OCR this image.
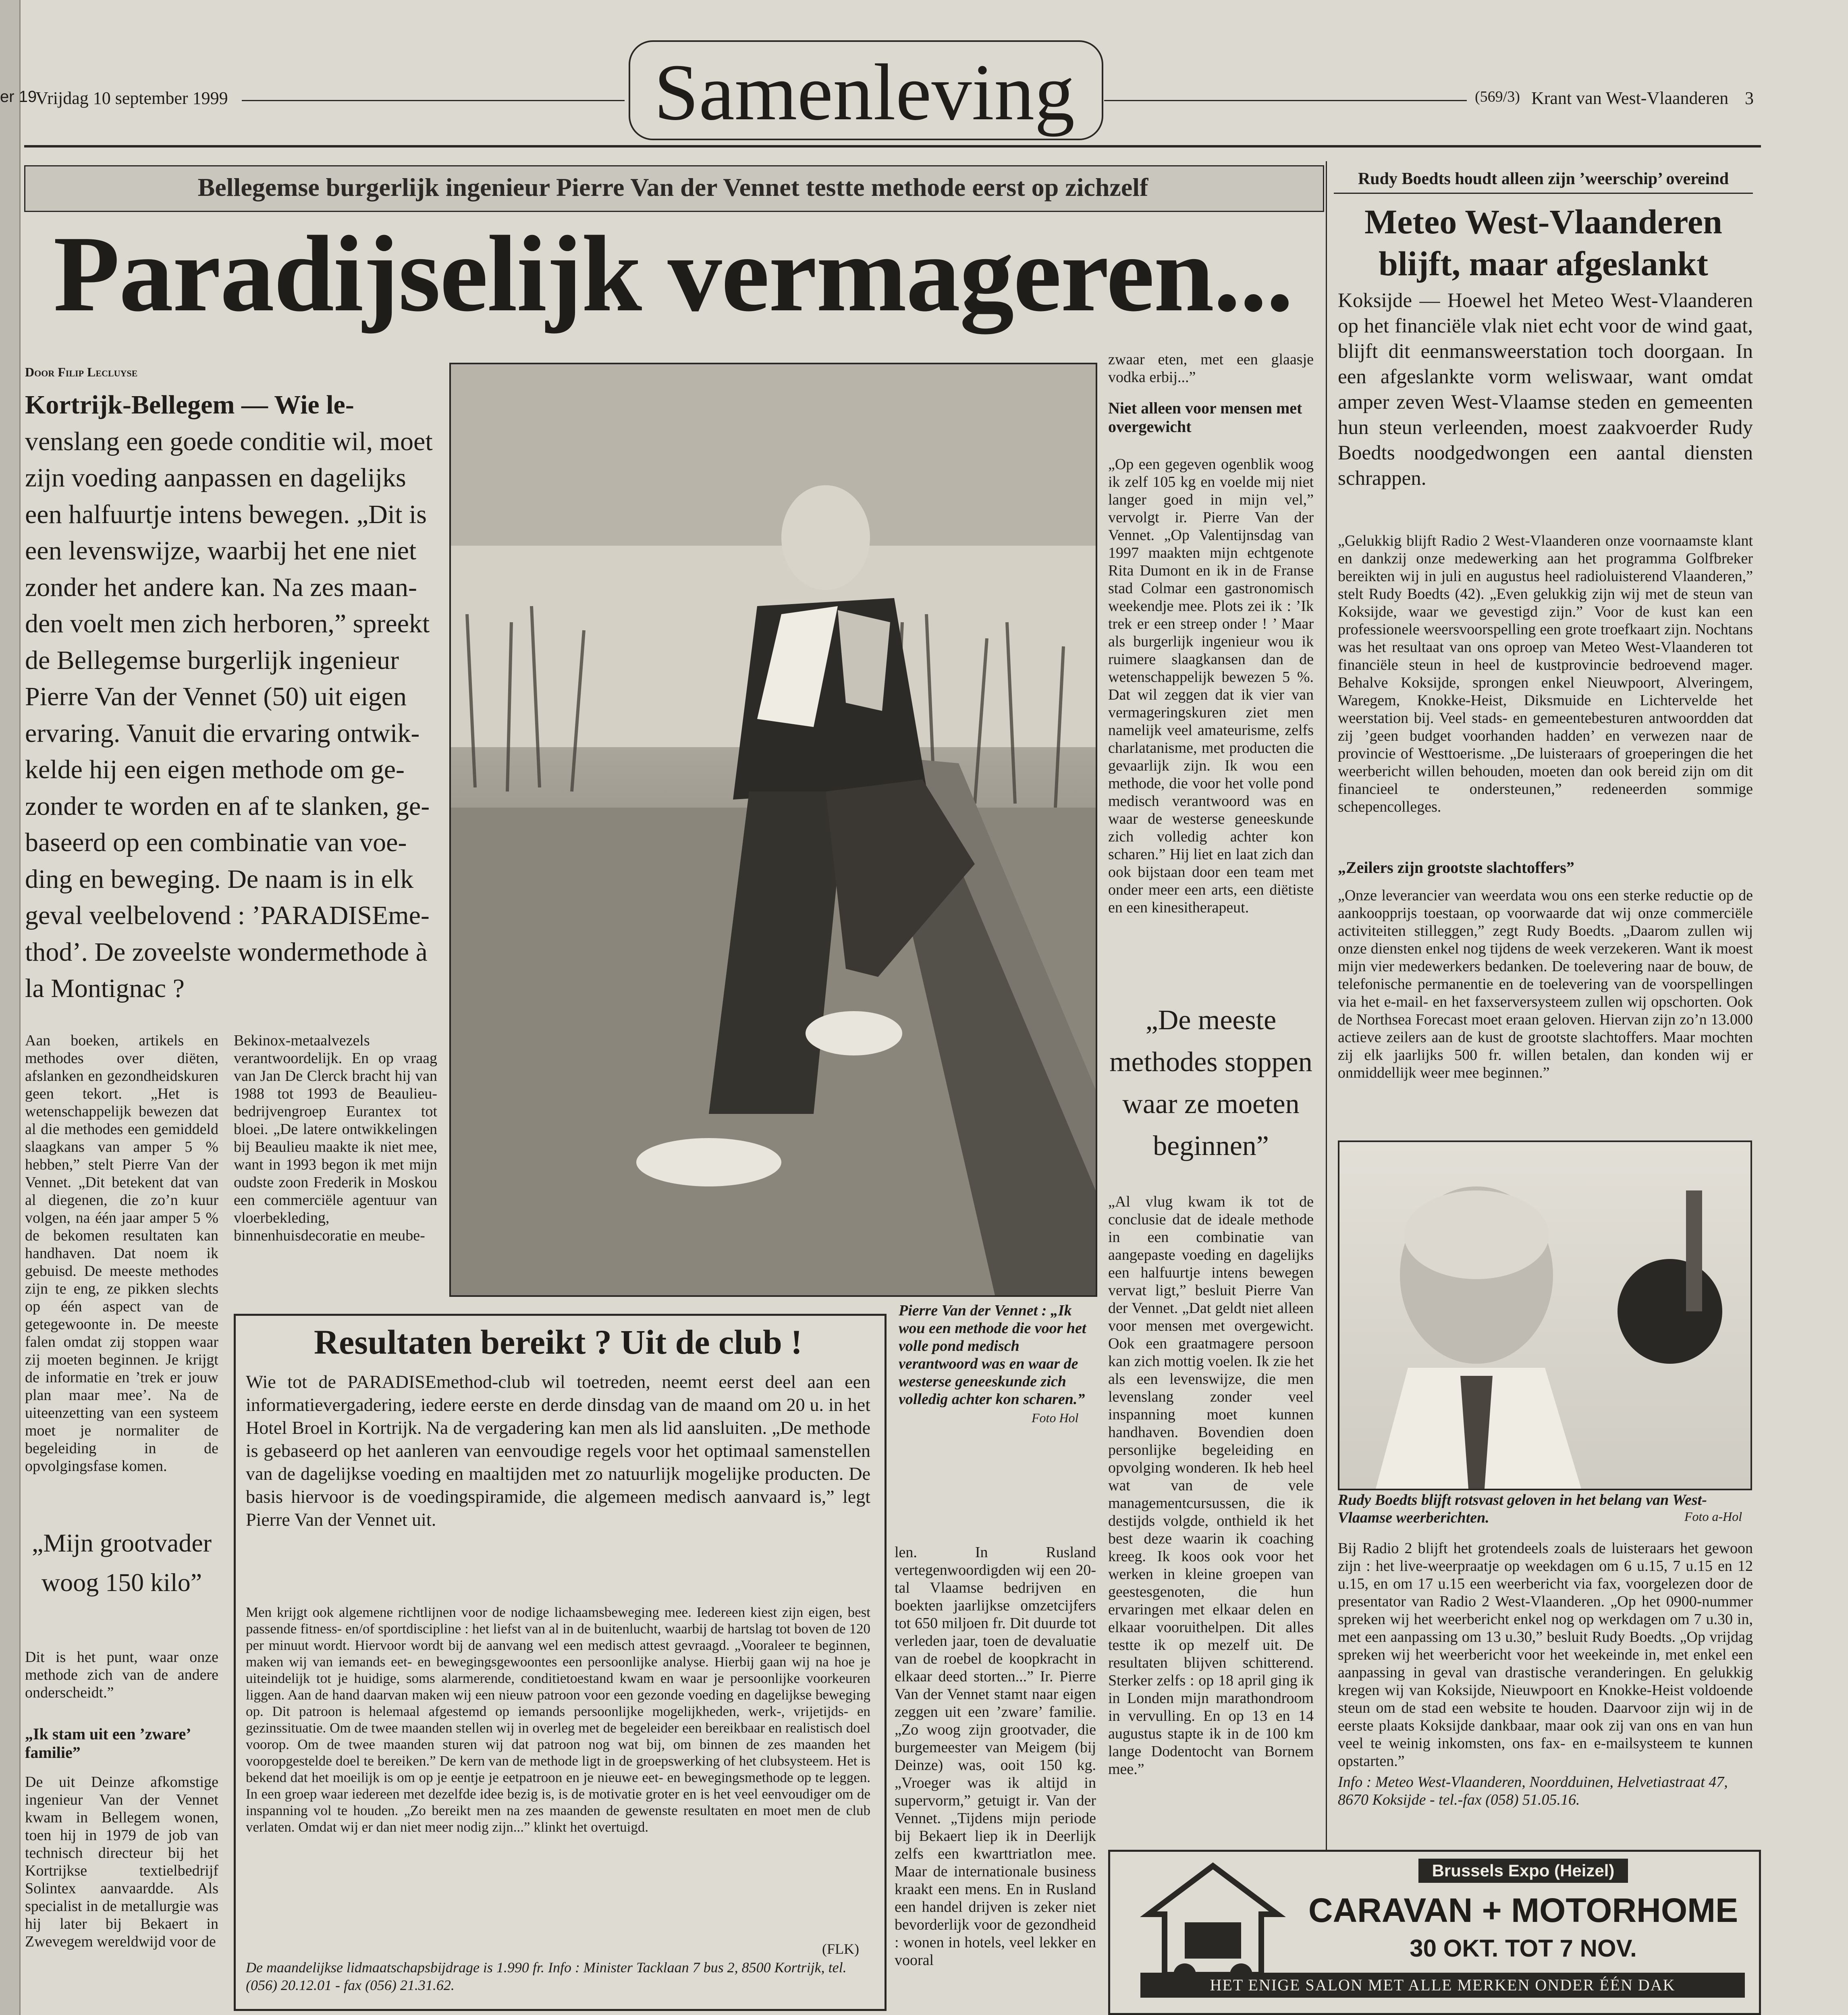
er 19
Vrijdag 10 september 1999	Samenleving	(569/3) Krant van West-Vlaanderen 3
Bellegemse burgerlijk ingenieur Pierre Van der Vennet testte methode eerst op zichzelf
Paradijselijk vermageren...
Door Filip Lecluyse
Kortrijk-Bellegem — Wie le-
venslang een goede conditie wil, moet
zijn voeding aanpassen en dagelijks
een halfuurtje intens bewegen. „Dit is
een levenswijze, waarbij het ene niet
zonder het andere kan. Na zes maan-
den voelt men zich herboren,” spreekt
de Bellegemse burgerlijk ingenieur
Pierre Van der Vennet (50) uit eigen
ervaring. Vanuit die ervaring ontwik-
kelde hij een eigen methode om ge-
zonder te worden en af te slanken, ge-
baseerd op een combinatie van voe-
ding en beweging. De naam is in elk
geval veelbelovend : ’PARADISEme-
thod’. De zoveelste wondermethode à
la Montignac ?
Aan boeken, artikels en methodes over diëten, afslanken en gezondheidskuren geen tekort. „Het is wetenschappelijk bewezen dat al die methodes een gemiddeld slaagkans van amper 5 % hebben,” stelt Pierre Van der Vennet. „Dit betekent dat van al diegenen, die zo’n kuur volgen, na één jaar amper 5 % de bekomen resultaten kan handhaven. Dat noem ik gebuisd. De meeste methodes zijn te eng, ze pikken slechts op één aspect van de getegewoonte in. De meeste falen omdat zij stoppen waar zij moeten beginnen. Je krijgt de informatie en ’trek er jouw plan maar mee’. Na de uiteenzetting van een systeem moet je normaliter de begeleiding in de opvolgingsfase komen.
„Mijn grootvader woog 150 kilo”
Dit is het punt, waar onze methode zich van de andere onderscheidt.”
„Ik stam uit een ’zware’ familie”
De uit Deinze afkomstige ingenieur Van der Vennet kwam in Bellegem wonen, toen hij in 1979 de job van technisch directeur bij het Kortrijkse textielbedrijf Solintex aanvaardde. Als specialist in de metallurgie was hij later bij Bekaert in Zwevegem wereldwijd voor de
Bekinox-metaalvezels verantwoordelijk. En op vraag van Jan De Clerck bracht hij van 1988 tot 1993 de Beaulieu-bedrijvengroep Eurantex tot bloei. „De latere ontwikkelingen bij Beaulieu maakte ik niet mee, want in 1993 begon ik met mijn oudste zoon Frederik in Moskou een commerciële agentuur van vloerbekleding, binnenhuisdecoratie en meube-
Pierre Van der Vennet : „Ik wou een methode die voor het volle pond medisch verantwoord was en waar de westerse geneeskunde zich volledig achter kon scharen.”
Foto Hol
zwaar eten, met een glaasje vodka erbij...”
Niet alleen voor mensen met overgewicht
„Op een gegeven ogenblik woog ik zelf 105 kg en voelde mij niet langer goed in mijn vel,” vervolgt ir. Pierre Van der Vennet. „Op Valentijnsdag van 1997 maakten mijn echtgenote Rita Dumont en ik in de Franse stad Colmar een gastronomisch weekendje mee. Plots zei ik : ’Ik trek er een streep onder ! ’ Maar als burgerlijk ingenieur wou ik ruimere slaagkansen dan de wetenschappelijk bewezen 5 %. Dat wil zeggen dat ik vier van vermageringskuren ziet men namelijk veel amateurisme, zelfs charlatanisme, met producten die gevaarlijk zijn. Ik wou een methode, die voor het volle pond medisch verantwoord was en waar de westerse geneeskunde zich volledig achter kon scharen.” Hij liet en laat zich dan ook bijstaan door een team met onder meer een arts, een diëtiste en een kinesitherapeut.
„De meeste methodes stoppen waar ze moeten beginnen”
„Al vlug kwam ik tot de conclusie dat de ideale methode in een combinatie van aangepaste voeding en dagelijks een halfuurtje intens bewegen vervat ligt,” besluit Pierre Van der Vennet. „Dat geldt niet alleen voor mensen met overgewicht. Ook een graatmagere persoon kan zich mottig voelen. Ik zie het als een levenswijze, die men levenslang zonder veel inspanning moet kunnen handhaven. Bovendien doen personlijke begeleiding en opvolging wonderen. Ik heb heel wat van de vele managementcursussen, die ik destijds volgde, onthield ik het best deze waarin ik coaching kreeg. Ik koos ook voor het werken in kleine groepen van geestesgenoten, die hun ervaringen met elkaar delen en elkaar vooruithelpen. Dit alles testte ik op mezelf uit. De resultaten blijven schitterend. Sterker zelfs : op 18 april ging ik in Londen mijn marathondroom in vervulling. En op 13 en 14 augustus stapte ik in de 100 km lange Dodentocht van Bornem mee.”
len. In Rusland vertegenwoordigden wij een 20-tal Vlaamse bedrijven en boekten jaarlijkse omzetcijfers tot 650 miljoen fr. Dit duurde tot verleden jaar, toen de devaluatie van de roebel de koopkracht in elkaar deed storten...” Ir. Pierre Van der Vennet stamt naar eigen zeggen uit een ’zware’ familie. „Zo woog zijn grootvader, die burgemeester van Meigem (bij Deinze) was, ooit 150 kg. „Vroeger was ik altijd in supervorm,” getuigt ir. Van der Vennet. „Tijdens mijn periode bij Bekaert liep ik in Deerlijk zelfs een kwarttriatlon mee. Maar de internationale business kraakt een mens. En in Rusland een handel drijven is zeker niet bevorderlijk voor de gezondheid : wonen in hotels, veel lekker en vooral
Resultaten bereikt ? Uit de club !
Wie tot de PARADISEmethod-club wil toetreden, neemt eerst deel aan een informatievergadering, iedere eerste en derde dinsdag van de maand om 20 u. in het Hotel Broel in Kortrijk. Na de vergadering kan men als lid aansluiten. „De methode is gebaseerd op het aanleren van eenvoudige regels voor het optimaal samenstellen van de dagelijkse voeding en maaltijden met zo natuurlijk mogelijke producten. De basis hiervoor is de voedingspiramide, die algemeen medisch aanvaard is,” legt Pierre Van der Vennet uit.
Men krijgt ook algemene richtlijnen voor de nodige lichaamsbeweging mee. Iedereen kiest zijn eigen, best passende fitness- en/of sportdiscipline : het liefst van al in de buitenlucht, waarbij de hartslag tot boven de 120 per minuut wordt. Hiervoor wordt bij de aanvang wel een medisch attest gevraagd. „Vooraleer te beginnen, maken wij van iemands eet- en bewegingsgewoontes een persoonlijke analyse. Hierbij gaan wij na hoe je uiteindelijk tot je huidige, soms alarmerende, conditietoestand kwam en waar je persoonlijke voorkeuren liggen. Aan de hand daarvan maken wij een nieuw patroon voor een gezonde voeding en dagelijkse beweging op. Dit patroon is helemaal afgestemd op iemands persoonlijke mogelijkheden, werk-, vrijetijds- en gezinssituatie. Om de twee maanden stellen wij in overleg met de begeleider een bereikbaar en realistisch doel voorop. Om de twee maanden sturen wij dat patroon nog wat bij, om binnen de zes maanden het vooropgestelde doel te bereiken.” De kern van de methode ligt in de groepswerking of het clubsysteem. Het is bekend dat het moeilijk is om op je eentje je eetpatroon en je nieuwe eet- en bewegingsmethode op te leggen. In een groep waar iedereen met dezelfde idee bezig is, is de motivatie groter en is het veel eenvoudiger om de inspanning vol te houden. „Zo bereikt men na zes maanden de gewenste resultaten en moet men de club verlaten. Omdat wij er dan niet meer nodig zijn...” klinkt het overtuigd.
(FLK)
De maandelijkse lidmaatschapsbijdrage is 1.990 fr. Info : Minister Tacklaan 7 bus 2, 8500 Kortrijk, tel. (056) 20.12.01 - fax (056) 21.31.62.
Rudy Boedts houdt alleen zijn ’weerschip’ overeind
Meteo West-Vlaanderen
blijft, maar afgeslankt
Koksijde — Hoewel het Meteo West-Vlaanderen op het financiële vlak niet echt voor de wind gaat, blijft dit eenmansweerstation toch doorgaan. In een afgeslankte vorm weliswaar, want omdat amper zeven West-Vlaamse steden en gemeenten hun steun verleenden, moest zaakvoerder Rudy Boedts noodgedwongen een aantal diensten schrappen.
„Gelukkig blijft Radio 2 West-Vlaanderen onze voornaamste klant en dankzij onze medewerking aan het programma Golfbreker bereikten wij in juli en augustus heel radioluisterend Vlaanderen,” stelt Rudy Boedts (42). „Even gelukkig zijn wij met de steun van Koksijde, waar we gevestigd zijn.” Voor de kust kan een professionele weersvoorspelling een grote troefkaart zijn. Nochtans was het resultaat van ons oproep van Meteo West-Vlaanderen tot financiële steun in heel de kustprovincie bedroevend mager. Behalve Koksijde, sprongen enkel Nieuwpoort, Alveringem, Waregem, Knokke-Heist, Diksmuide en Lichtervelde het weerstation bij. Veel stads- en gemeentebesturen antwoordden dat zij ’geen budget voorhanden hadden’ en verwezen naar de provincie of Westtoerisme. „De luisteraars of groeperingen die het weerbericht willen behouden, moeten dan ook bereid zijn om dit financieel te ondersteunen,” redeneerden sommige schepencolleges.
„Zeilers zijn grootste slachtoffers”
„Onze leverancier van weerdata wou ons een sterke reductie op de aankoopprijs toestaan, op voorwaarde dat wij onze commerciële activiteiten stilleggen,” zegt Rudy Boedts. „Daarom zullen wij onze diensten enkel nog tijdens de week verzekeren. Want ik moest mijn vier medewerkers bedanken. De toelevering naar de bouw, de telefonische permanentie en de toelevering van de voorspellingen via het e-mail- en het faxserversysteem zullen wij opschorten. Ook de Northsea Forecast moet eraan geloven. Hiervan zijn zo’n 13.000 actieve zeilers aan de kust de grootste slachtoffers. Maar mochten zij elk jaarlijks 500 fr. willen betalen, dan konden wij er onmiddellijk weer mee beginnen.”
Rudy Boedts blijft rotsvast geloven in het belang van West-Vlaamse weerberichten.	Foto a-Hol
Bij Radio 2 blijft het grotendeels zoals de luisteraars het gewoon zijn : het live-weerpraatje op weekdagen om 6 u.15, 7 u.15 en 12 u.15, en om 17 u.15 een weerbericht via fax, voorgelezen door de presentator van Radio 2 West-Vlaanderen. „Op het 0900-nummer spreken wij het weerbericht enkel nog op werkdagen om 7 u.30 in, met een aanpassing om 13 u.30,” besluit Rudy Boedts. „Op vrijdag spreken wij het weerbericht voor het weekeinde in, met enkel een aanpassing in geval van drastische veranderingen. En gelukkig kregen wij van Koksijde, Nieuwpoort en Knokke-Heist voldoende steun om de stad een website te houden. Daarvoor zijn wij in de eerste plaats Koksijde dankbaar, maar ook zij van ons en van hun veel te weinig inkomsten, ons fax- en e-mailsysteem te kunnen opstarten.”
Info : Meteo West-Vlaanderen, Noordduinen, Helvetiastraat 47, 8670 Koksijde - tel.-fax (058) 51.05.16.
Brussels Expo (Heizel)
CARAVAN + MOTORHOME
30 OKT. TOT 7 NOV.
HET ENIGE SALON MET ALLE MERKEN ONDER ÉÉN DAK
